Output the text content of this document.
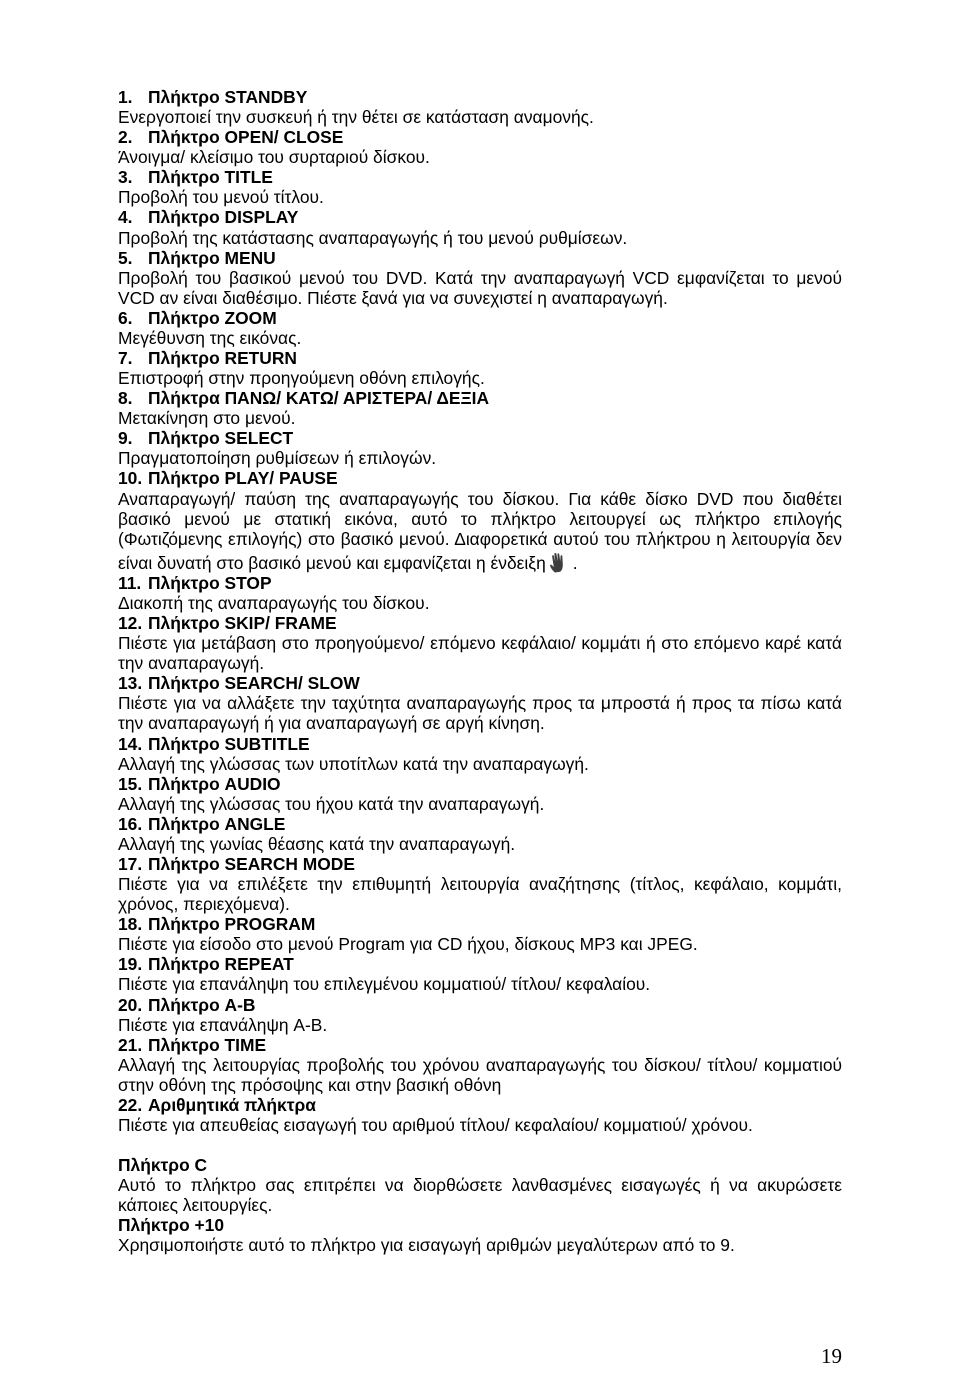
1. Πλήκτρο STANDBY
Ενεργοποιεί την συσκευή ή την θέτει σε κατάσταση αναμονής.
2. Πλήκτρο OPEN/ CLOSE
Άνοιγμα/ κλείσιμο του συρταριού δίσκου.
3. Πλήκτρο TITLE
Προβολή του μενού τίτλου.
4. Πλήκτρο DISPLAY
Προβολή της κατάστασης αναπαραγωγής ή του μενού ρυθμίσεων.
5. Πλήκτρο MENU
Προβολή του βασικού μενού του DVD. Κατά την αναπαραγωγή VCD εμφανίζεται το μενού
VCD αν είναι διαθέσιμο. Πιέστε ξανά για να συνεχιστεί η αναπαραγωγή.
6. Πλήκτρο ZOOM
Μεγέθυνση της εικόνας.
7. Πλήκτρο RETURN
Επιστροφή στην προηγούμενη οθόνη επιλογής.
8. Πλήκτρα ΠΑΝΩ/ ΚΑΤΩ/ ΑΡΙΣΤΕΡΑ/ ΔΕΞΙΑ
Μετακίνηση στο μενού.
9. Πλήκτρο SELECT
Πραγματοποίηση ρυθμίσεων ή επιλογών.
10. Πλήκτρο PLAY/ PAUSE
Αναπαραγωγή/ παύση της αναπαραγωγής του δίσκου. Για κάθε δίσκο DVD που διαθέτει
βασικό μενού με στατική εικόνα, αυτό το πλήκτρο λειτουργεί ως πλήκτρο επιλογής
(Φωτιζόμενης επιλογής) στο βασικό μενού. Διαφορετικά αυτού του πλήκτρου η λειτουργία δεν
είναι δυνατή στο βασικό μενού και εμφανίζεται η ένδειξη .
11. Πλήκτρο STOP
Διακοπή της αναπαραγωγής του δίσκου.
12. Πλήκτρο SKIP/ FRAME
Πιέστε για μετάβαση στο προηγούμενο/ επόμενο κεφάλαιο/ κομμάτι ή στο επόμενο καρέ κατά
την αναπαραγωγή.
13. Πλήκτρο SEARCH/ SLOW
Πιέστε για να αλλάξετε την ταχύτητα αναπαραγωγής προς τα μπροστά ή προς τα πίσω κατά
την αναπαραγωγή ή για αναπαραγωγή σε αργή κίνηση.
14. Πλήκτρο SUBTITLE
Αλλαγή της γλώσσας των υποτίτλων κατά την αναπαραγωγή.
15. Πλήκτρο AUDIO
Αλλαγή της γλώσσας του ήχου κατά την αναπαραγωγή.
16. Πλήκτρο ANGLE
Αλλαγή της γωνίας θέασης κατά την αναπαραγωγή.
17. Πλήκτρο SEARCH MODE
Πιέστε για να επιλέξετε την επιθυμητή λειτουργία αναζήτησης (τίτλος, κεφάλαιο, κομμάτι,
χρόνος, περιεχόμενα).
18. Πλήκτρο PROGRAM
Πιέστε για είσοδο στο μενού Program για CD ήχου, δίσκους MP3 και JPEG.
19. Πλήκτρο REPEAT
Πιέστε για επανάληψη του επιλεγμένου κομματιού/ τίτλου/ κεφαλαίου.
20. Πλήκτρο A-B
Πιέστε για επανάληψη A-B.
21. Πλήκτρο TIME
Αλλαγή της λειτουργίας προβολής του χρόνου αναπαραγωγής του δίσκου/ τίτλου/ κομματιού
στην οθόνη της πρόσοψης και στην βασική οθόνη
22. Αριθμητικά πλήκτρα
Πιέστε για απευθείας εισαγωγή του αριθμού τίτλου/ κεφαλαίου/ κομματιού/ χρόνου.
Πλήκτρο C
Αυτό το πλήκτρο σας επιτρέπει να διορθώσετε λανθασμένες εισαγωγές ή να ακυρώσετε
κάποιες λειτουργίες.
Πλήκτρο +10
Χρησιμοποιήστε αυτό το πλήκτρο για εισαγωγή αριθμών μεγαλύτερων από το 9.
19
